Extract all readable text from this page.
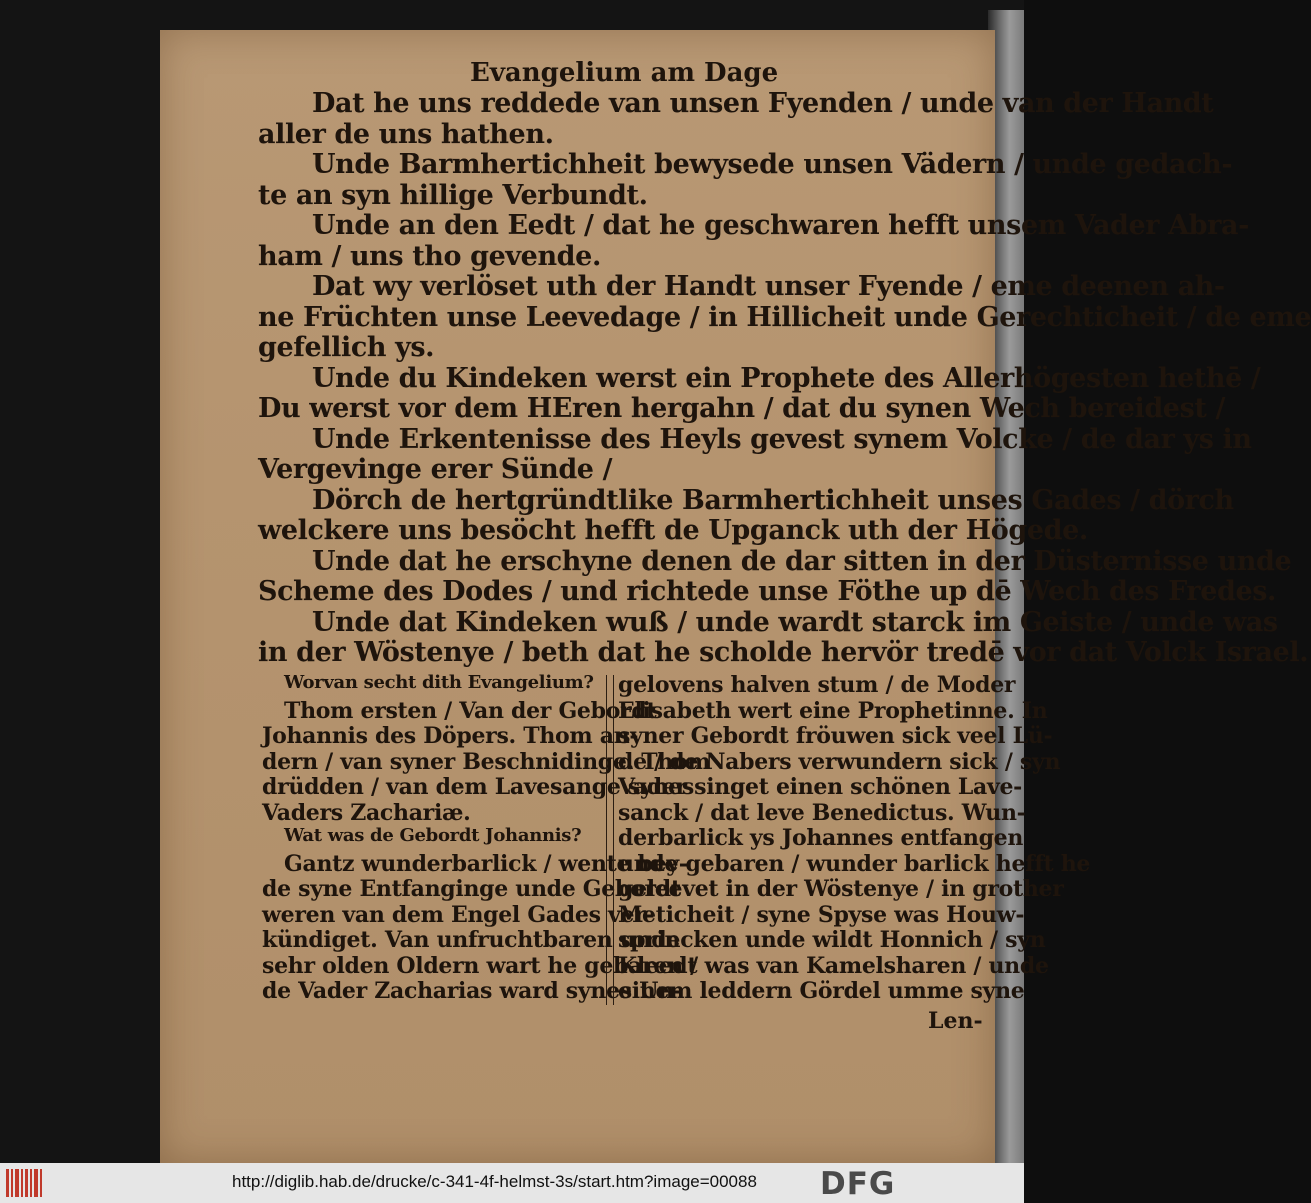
Evangelium am Dage
Dat he uns reddede van unsen Fyenden / unde van der Handt
aller de uns hathen.
Unde Barmhertichheit bewysede unsen Vädern / unde gedach-
te an syn hillige Verbundt.
Unde an den Eedt / dat he geschwaren hefft unsem Vader Abra-
ham / uns tho gevende.
Dat wy verlöset uth der Handt unser Fyende / eme deenen ah-
ne Früchten unse Leevedage / in Hillicheit unde Gerechticheit / de eme
gefellich ys.
Unde du Kindeken werst ein Prophete des Allerhögesten hethē /
Du werst vor dem HEren hergahn / dat du synen Wech bereidest /
Unde Erkentenisse des Heyls gevest synem Volcke / de dar ys in
Vergevinge erer Sünde /
Dörch de hertgründtlike Barmhertichheit unses Gades / dörch
welckere uns besöcht hefft de Upganck uth der Högede.
Unde dat he erschyne denen de dar sitten in der Düsternisse unde
Scheme des Dodes / und richtede unse Föthe up dē Wech des Fredes.
Unde dat Kindeken wuß / unde wardt starck im Geiste / unde was
in der Wöstenye / beth dat he scholde hervör tredē vor dat Volck Israel.
Worvan secht dith Evangelium?
Thom ersten / Van der Gebordt
Johannis des Döpers. Thom an-
dern / van syner Beschnidinge. Thom
drüdden / van dem Lavesange synes
Vaders Zachariæ.
Wat was de Gebordt Johannis?
Gantz wunderbarlick / wente bey-
de syne Entfanginge unde Gebordt
weren van dem Engel Gades ver-
kündiget. Van unfruchtbaren unde
sehr olden Oldern wart he gebaren /
de Vader Zacharias ward synes Un-
gelovens halven stum / de Moder
Elisabeth wert eine Prophetinne. In
syner Gebordt fröuwen sick veel Lü-
de / de Nabers verwundern sick / syn
Vader singet einen schönen Lave-
sanck / dat leve Benedictus. Wun-
derbarlick ys Johannes entfangen
unde gebaren / wunder barlick hefft he
geleevet in der Wöstenye / in grother
Meticheit / syne Spyse was Houw-
sprincken unde wildt Honnich / syn
Kleedt was van Kamelsharen / unde
einem leddern Gördel umme syne
Len-
http://diglib.hab.de/drucke/c-341-4f-helmst-3s/start.htm?image=00088 DFG
